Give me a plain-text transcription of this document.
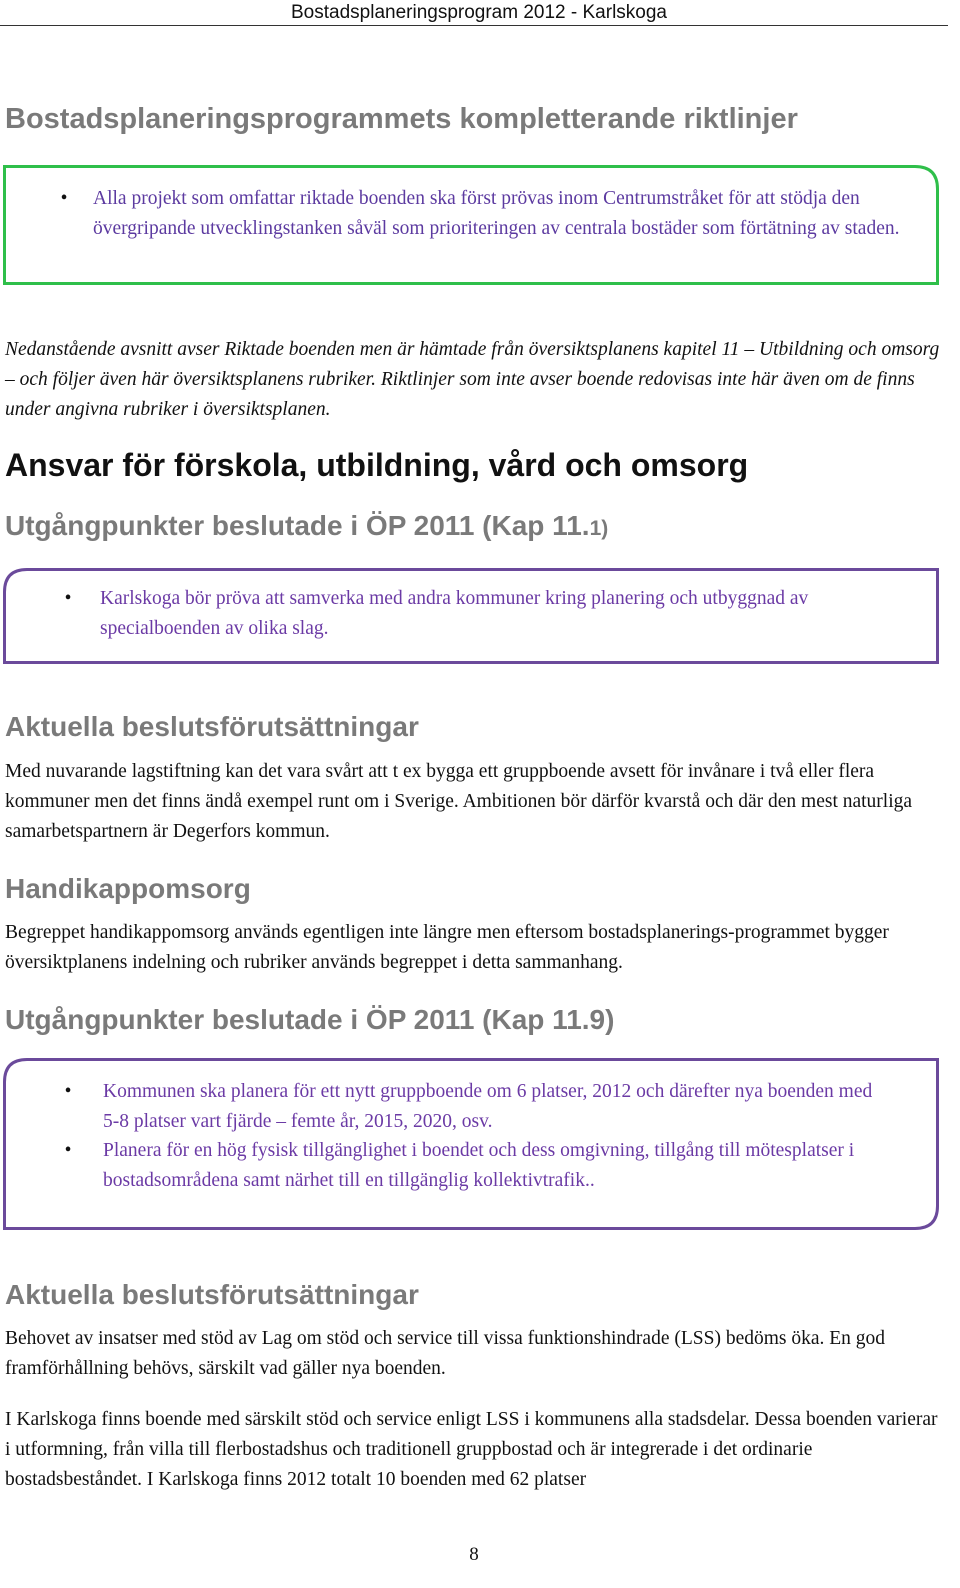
Bostadsplaneringsprogram 2012 - Karlskoga
Bostadsplaneringsprogrammets kompletterande riktlinjer
• Alla projekt som omfattar riktade boenden ska först prövas inom Centrumstråket för att stödja den övergripande utvecklingstanken såväl som prioriteringen av centrala bostäder som förtätning av staden.

Nedanstående avsnitt avser Riktade boenden men är hämtade från översiktsplanens kapitel 11 – Utbildning och omsorg – och följer även här översiktsplanens rubriker. Riktlinjer som inte avser boende redovisas inte här även om de finns under angivna rubriker i översiktsplanen.

Ansvar för förskola, utbildning, vård och omsorg
Utgångpunkter beslutade i ÖP 2011 (Kap 11.1)
• Karlskoga bör pröva att samverka med andra kommuner kring planering och utbyggnad av specialboenden av olika slag.
Aktuella beslutsförutsättningar

Med nuvarande lagstiftning kan det vara svårt att t ex bygga ett gruppboende avsett för invånare i två eller flera kommuner men det finns ändå exempel runt om i Sverige. Ambitionen bör därför kvarstå och där den mest naturliga samarbetspartnern är Degerfors kommun.

Handikappomsorg

Begreppet handikappomsorg används egentligen inte längre men eftersom bostadsplanerings-programmet bygger översiktplanens indelning och rubriker används begreppet i detta sammanhang.

Utgångpunkter beslutade i ÖP 2011 (Kap 11.9)
• Kommunen ska planera för ett nytt gruppboende om 6 platser, 2012 och därefter nya boenden med 5-8 platser vart fjärde – femte år, 2015, 2020, osv.
• Planera för en hög fysisk tillgänglighet i boendet och dess omgivning, tillgång till mötesplatser i bostadsområdena samt närhet till en tillgänglig kollektivtrafik..
Aktuella beslutsförutsättningar

Behovet av insatser med stöd av Lag om stöd och service till vissa funktionshindrade (LSS) bedöms öka. En god framförhållning behövs, särskilt vad gäller nya boenden.

I Karlskoga finns boende med särskilt stöd och service enligt LSS i kommunens alla stadsdelar. Dessa boenden varierar i utformning, från villa till flerbostadshus och traditionell gruppbostad och är integrerade i det ordinarie bostadsbeståndet. I Karlskoga finns 2012 totalt 10 boenden med 62 platser

8
